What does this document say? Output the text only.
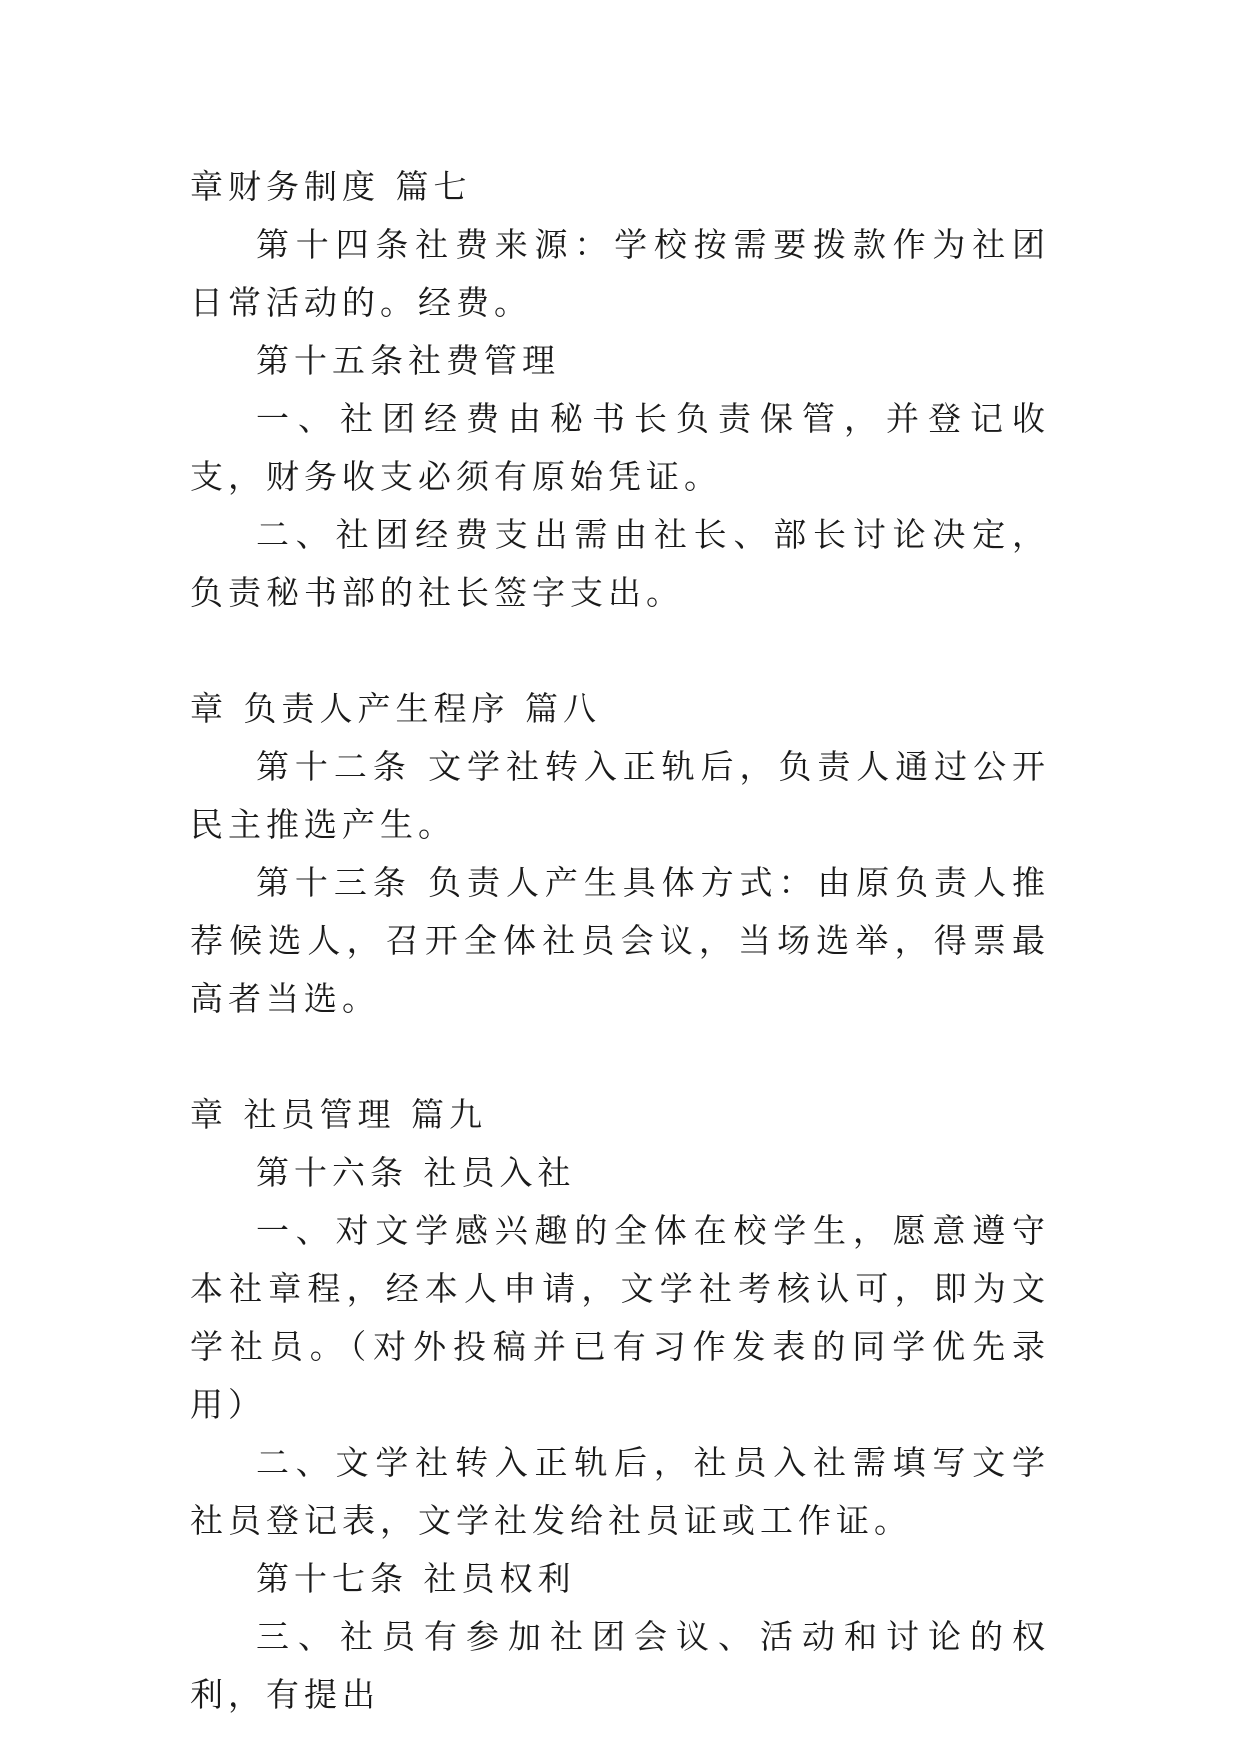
章财务制度 篇七

第十四条社费来源：学校按需要拨款作为社团日常活动的。经费。

第十五条社费管理

一、社团经费由秘书长负责保管，并登记收支，财务收支必须有原始凭证。

二、社团经费支出需由社长、部长讨论决定，负责秘书部的社长签字支出。

章 负责人产生程序 篇八

第十二条 文学社转入正轨后，负责人通过公开民主推选产生。

第十三条 负责人产生具体方式：由原负责人推荐候选人，召开全体社员会议，当场选举，得票最高者当选。

章 社员管理 篇九

第十六条 社员入社

一、对文学感兴趣的全体在校学生，愿意遵守本社章程，经本人申请，文学社考核认可，即为文学社员。（对外投稿并已有习作发表的同学优先录用）

二、文学社转入正轨后，社员入社需填写文学社员登记表，文学社发给社员证或工作证。

第十七条 社员权利

三、社员有参加社团会议、活动和讨论的权利，有提出
